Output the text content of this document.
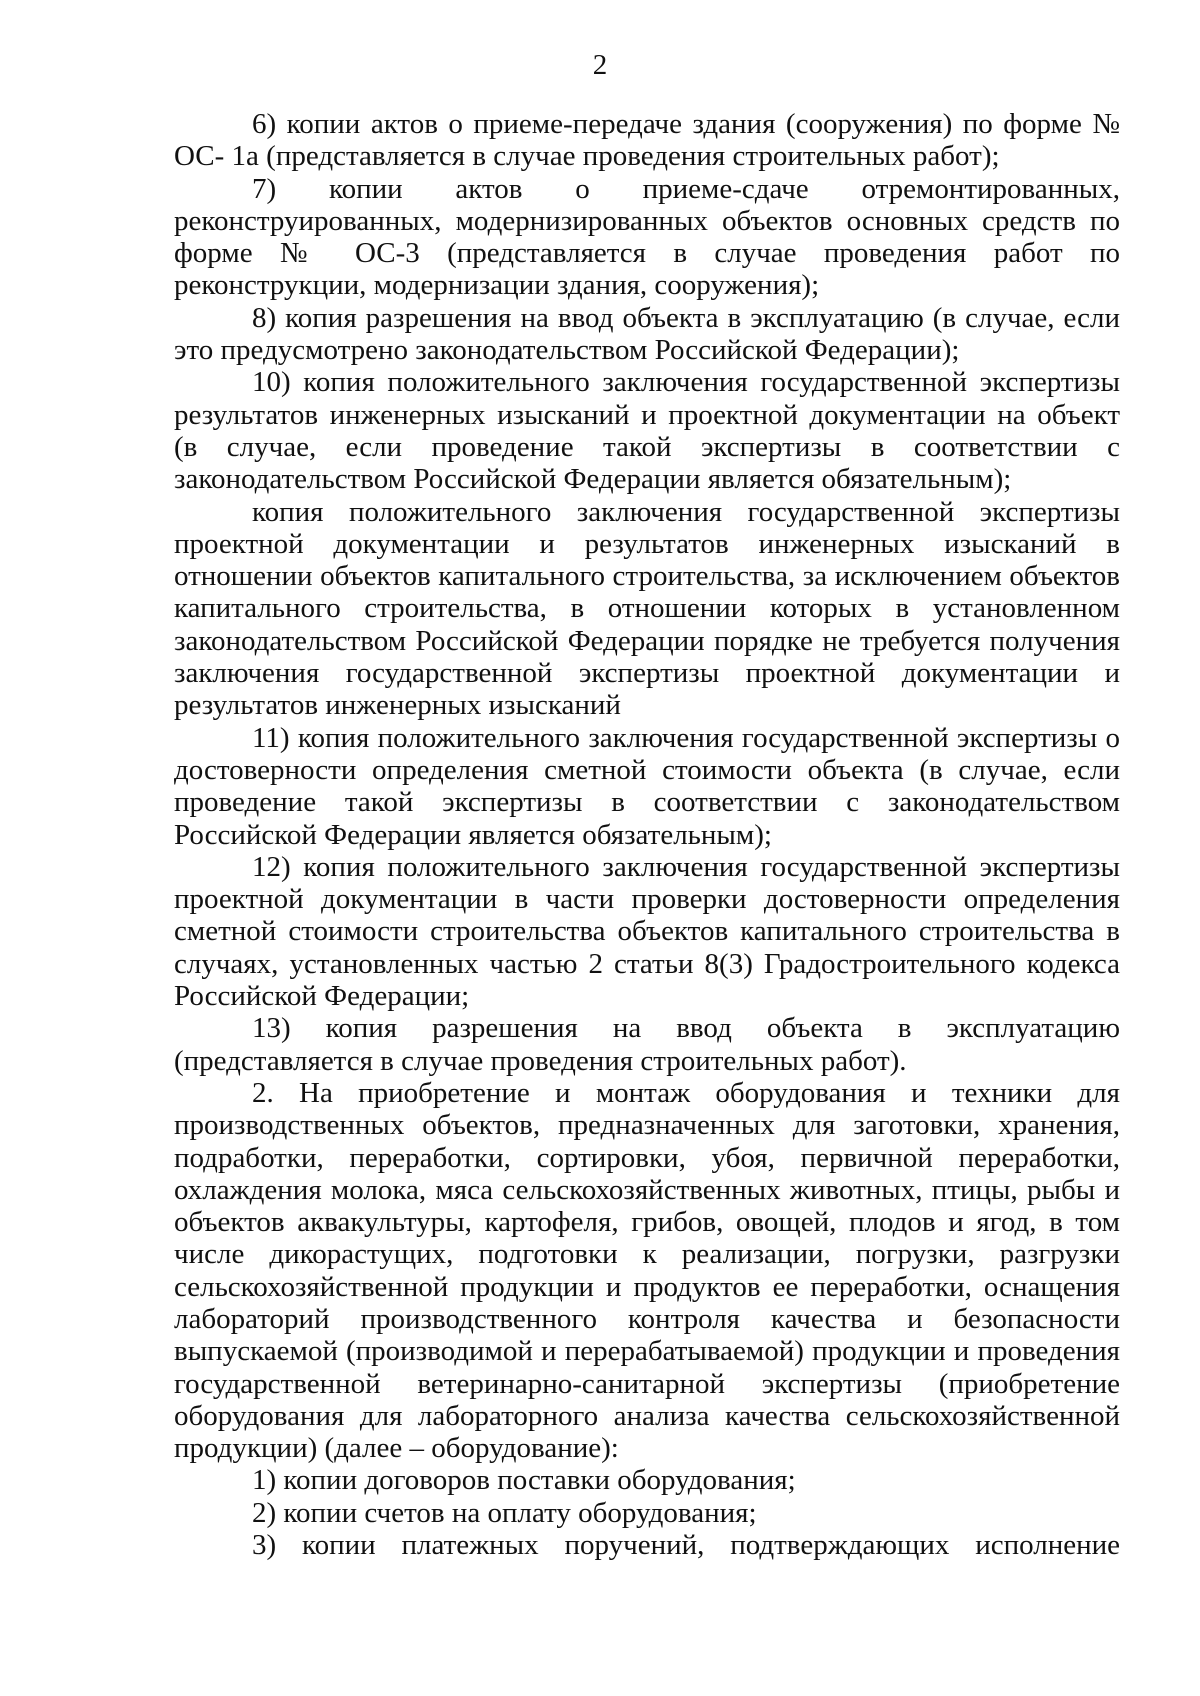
2

6) копии актов о приеме-передаче здания (сооружения) по форме № ОС- 1а (представляется в случае проведения строительных работ);

7) копии актов о приеме-сдаче отремонтированных, реконструированных, модернизированных объектов основных средств по форме № ОС-3 (представляется в случае проведения работ по реконструкции, модернизации здания, сооружения);

8) копия разрешения на ввод объекта в эксплуатацию (в случае, если это предусмотрено законодательством Российской Федерации);

10) копия положительного заключения государственной экспертизы результатов инженерных изысканий и проектной документации на объект (в случае, если проведение такой экспертизы в соответствии с законодательством Российской Федерации является обязательным);

копия положительного заключения государственной экспертизы проектной документации и результатов инженерных изысканий в отношении объектов капитального строительства, за исключением объектов капитального строительства, в отношении которых в установленном законодательством Российской Федерации порядке не требуется получения заключения государственной экспертизы проектной документации и результатов инженерных изысканий

11) копия положительного заключения государственной экспертизы о достоверности определения сметной стоимости объекта (в случае, если проведение такой экспертизы в соответствии с законодательством Российской Федерации является обязательным);

12) копия положительного заключения государственной экспертизы проектной документации в части проверки достоверности определения сметной стоимости строительства объектов капитального строительства в случаях, установленных частью 2 статьи 8(3) Градостроительного кодекса Российской Федерации;

13) копия разрешения на ввод объекта в эксплуатацию (представляется в случае проведения строительных работ).

2. На приобретение и монтаж оборудования и техники для производственных объектов, предназначенных для заготовки, хранения, подработки, переработки, сортировки, убоя, первичной переработки, охлаждения молока, мяса сельскохозяйственных животных, птицы, рыбы и объектов аквакультуры, картофеля, грибов, овощей, плодов и ягод, в том числе дикорастущих, подготовки к реализации, погрузки, разгрузки сельскохозяйственной продукции и продуктов ее переработки, оснащения лабораторий производственного контроля качества и безопасности выпускаемой (производимой и перерабатываемой) продукции и проведения государственной ветеринарно-санитарной экспертизы (приобретение оборудования для лабораторного анализа качества сельскохозяйственной продукции) (далее – оборудование):

1) копии договоров поставки оборудования;

2) копии счетов на оплату оборудования;

3) копии платежных поручений, подтверждающих исполнение
